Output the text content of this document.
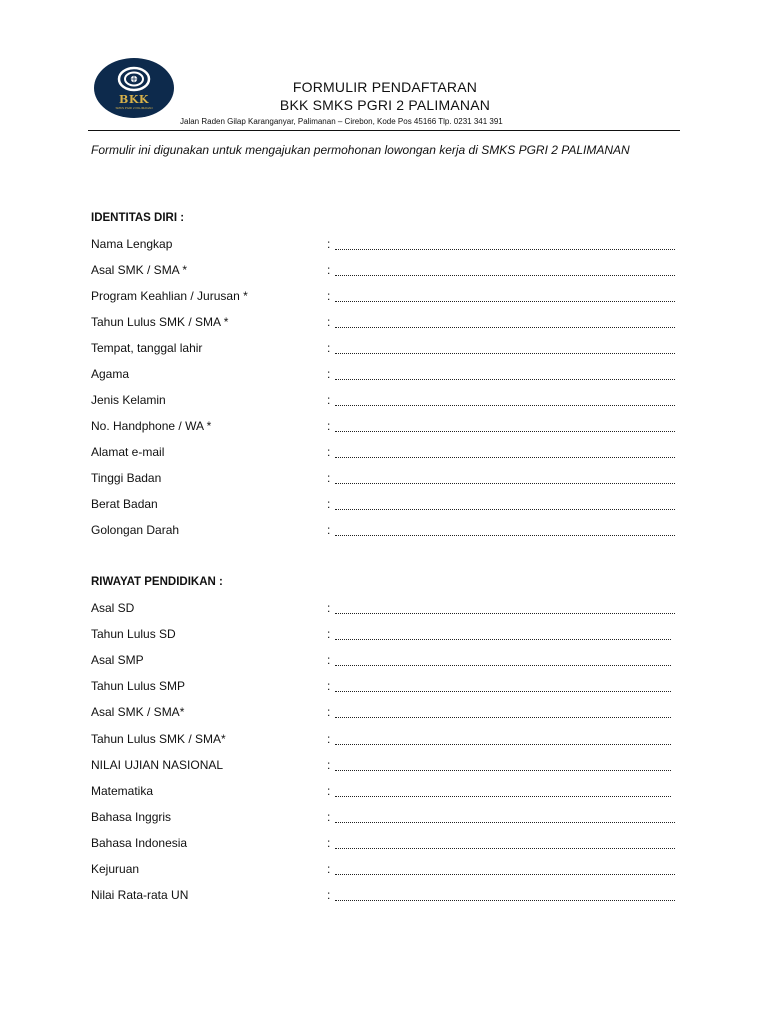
BKK
SMKS PGRI 2 PALIMANAN
FORMULIR PENDAFTARAN
BKK SMKS PGRI 2 PALIMANAN
Jalan Raden Gilap Karanganyar, Palimanan – Cirebon, Kode Pos 45166 Tlp. 0231 341 391
Formulir ini digunakan untuk mengajukan permohonan lowongan kerja di SMKS PGRI 2 PALIMANAN
IDENTITAS DIRI :
Nama Lengkap	:
Asal SMK / SMA *	:
Program Keahlian / Jurusan *	:
Tahun Lulus SMK / SMA *	:
Tempat, tanggal lahir	:
Agama	:
Jenis Kelamin	:
No. Handphone / WA *	:
Alamat e-mail	:
Tinggi Badan	:
Berat Badan	:
Golongan Darah	:
RIWAYAT PENDIDIKAN :
Asal SD	:
Tahun Lulus SD	:
Asal SMP	:
Tahun Lulus SMP	:
Asal SMK / SMA*	:
Tahun Lulus SMK / SMA*	:
NILAI UJIAN NASIONAL	:
Matematika	:
Bahasa Inggris	:
Bahasa Indonesia	:
Kejuruan	:
Nilai Rata-rata UN	:
